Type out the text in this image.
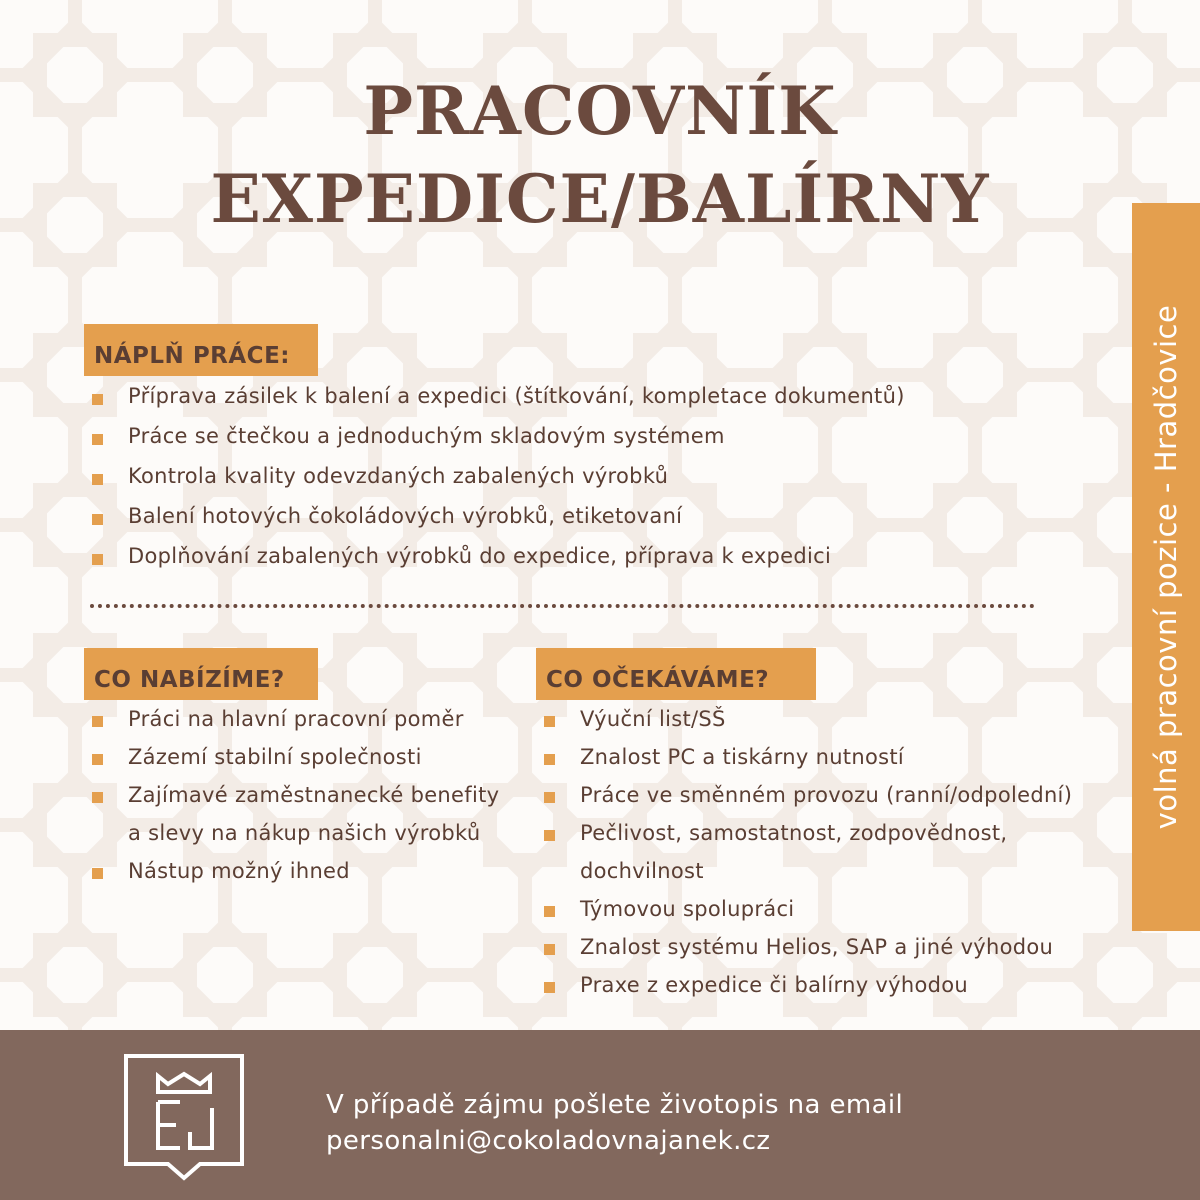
PRACOVNÍK
EXPEDICE/BALÍRNY
volná pracovní pozice - Hradčovice
NÁPLŇ PRÁCE:
Příprava zásilek k balení a expedici (štítkování, kompletace dokumentů)
Práce se čtečkou a jednoduchým skladovým systémem
Kontrola kvality odevzdaných zabalených výrobků
Balení hotových čokoládových výrobků, etiketovaní
Doplňování zabalených výrobků do expedice, příprava k expedici
CO NABÍZÍME?
Práci na hlavní pracovní poměr
Zázemí stabilní společnosti
Zajímavé zaměstnanecké benefity
a slevy na nákup našich výrobků
Nástup možný ihned
CO OČEKÁVÁME?
Výuční list/SŠ
Znalost PC a tiskárny nutností
Práce ve směnném provozu (ranní/odpolední)
Pečlivost, samostatnost, zodpovědnost,
dochvilnost
Týmovou spolupráci
Znalost systému Helios, SAP a jiné výhodou
Praxe z expedice či balírny výhodou
V případě zájmu pošlete životopis na email
personalni@cokoladovnajanek.cz
